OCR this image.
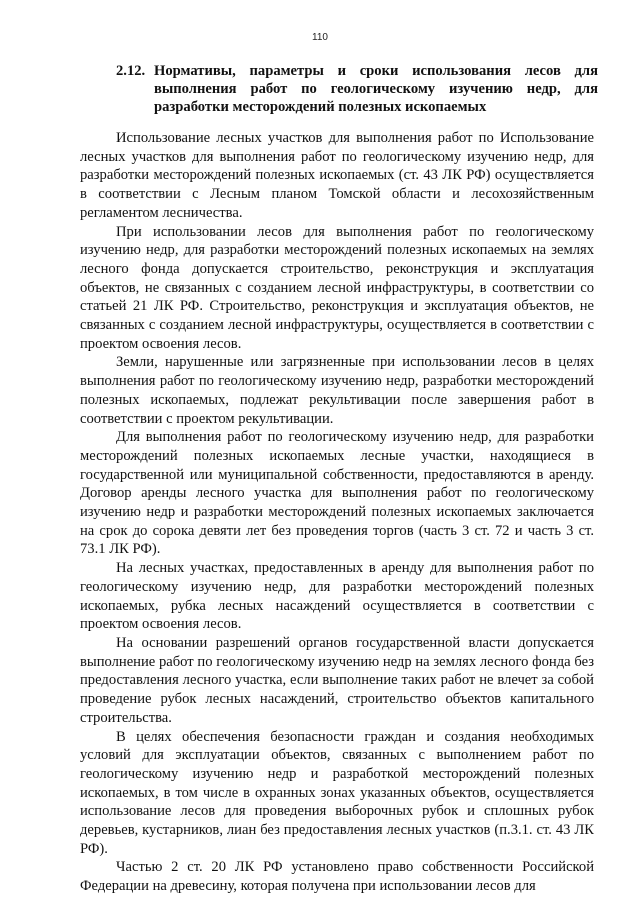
110
2.12. Нормативы, параметры и сроки использования лесов для выполнения работ по геологическому изучению недр, для разработки месторождений полезных ископаемых

Использование лесных участков для выполнения работ по Использование лесных участков для выполнения работ по геологическому изучению недр, для разработки месторождений полезных ископаемых (ст. 43 ЛК РФ) осуществляется в соответствии с Лесным планом Томской области и лесохозяйственным регламентом лесничества.

При использовании лесов для выполнения работ по геологическому изучению недр, для разработки месторождений полезных ископаемых на землях лесного фонда допускается строительство, реконструкция и эксплуатация объектов, не связанных с созданием лесной инфраструктуры, в соответствии со статьей 21 ЛК РФ. Строительство, реконструкция и эксплуатация объектов, не связанных с созданием лесной инфраструктуры, осуществляется в соответствии с проектом освоения лесов.

Земли, нарушенные или загрязненные при использовании лесов в целях выполнения работ по геологическому изучению недр, разработки месторождений полезных ископаемых, подлежат рекультивации после завершения работ в соответствии с проектом рекультивации.

Для выполнения работ по геологическому изучению недр, для разработки месторождений полезных ископаемых лесные участки, находящиеся в государственной или муниципальной собственности, предоставляются в аренду. Договор аренды лесного участка для выполнения работ по геологическому изучению недр и разработки месторождений полезных ископаемых заключается на срок до сорока девяти лет без проведения торгов (часть 3 ст. 72 и часть 3 ст. 73.1 ЛК РФ).

На лесных участках, предоставленных в аренду для выполнения работ по геологическому изучению недр, для разработки месторождений полезных ископаемых, рубка лесных насаждений осуществляется в соответствии с проектом освоения лесов.

На основании разрешений органов государственной власти допускается выполнение работ по геологическому изучению недр на землях лесного фонда без предоставления лесного участка, если выполнение таких работ не влечет за собой проведение рубок лесных насаждений, строительство объектов капитального строительства.

В целях обеспечения безопасности граждан и создания необходимых условий для эксплуатации объектов, связанных с выполнением работ по геологическому изучению недр и разработкой месторождений полезных ископаемых, в том числе в охранных зонах указанных объектов, осуществляется использование лесов для проведения выборочных рубок и сплошных рубок деревьев, кустарников, лиан без предоставления лесных участков (п.3.1. ст. 43 ЛК РФ).

Частью 2 ст. 20 ЛК РФ установлено право собственности Российской Федерации на древесину, которая получена при использовании лесов для
